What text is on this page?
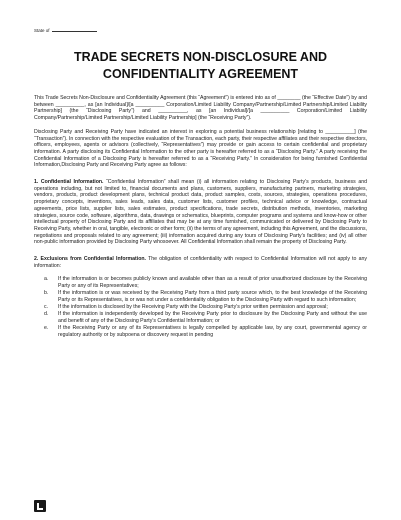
State of
TRADE SECRETS NON-DISCLOSURE AND
CONFIDENTIALITY AGREEMENT

This Trade Secrets Non-Disclosure and Confidentiality Agreement (this “Agreement”) is entered into as of ________ (the “Effective Date”) by and between __________, as [an Individual]/[a __________ Corporation/Limited Liability Company/Partnership/Limited Partnership/Limited Liability Partnership] (the “Disclosing Party”) and __________, as [an Individual]/[a __________ Corporation/Limited Liability Company/Partnership/Limited Partnership/Limited Liability Partnership] (the “Receiving Party”).

Disclosing Party and Receiving Party have indicated an interest in exploring a potential business relationship [relating to __________] (the “Transaction”). In connection with the respective evaluation of the Transaction, each party, their respective affiliates and their respective directors, officers, employees, agents or advisors (collectively, “Representatives”) may provide or gain access to certain confidential and proprietary information. A party disclosing its Confidential Information to the other party is hereafter referred to as a “Disclosing Party.” A party receiving the Confidential Information of a Disclosing Party is hereafter referred to as a “Receiving Party.” In consideration for being furnished Confidential Information,Disclosing Party and Receiving Party agree as follows:

1. Confidential Information. “Confidential Information” shall mean (i) all information relating to Disclosing Party’s products, business and operations including, but not limited to, financial documents and plans, customers, suppliers, manufacturing partners, marketing strategies, vendors, products, product development plans, technical product data, product samples, costs, sources, strategies, operations procedures, proprietary concepts, inventions, sales leads, sales data, customer lists, customer profiles, technical advice or knowledge, contractual agreements, price lists, supplier lists, sales estimates, product specifications, trade secrets, distribution methods, inventories, marketing strategies, source code, software, algorithms, data, drawings or schematics, blueprints, computer programs and systems and know-how or other intellectual property of Disclosing Party and its affiliates that may be at any time furnished, communicated or delivered by Disclosing Party to Receiving Party, whether in oral, tangible, electronic or other form; (ii) the terms of any agreement, including this Agreement, and the discussions, negotiations and proposals related to any agreement; (iii) information acquired during any tours of Disclosing Party’s facilities; and (iv) all other non-public information provided by Disclosing Party whosoever. All Confidential Information shall remain the property of Disclosing Party.

2. Exclusions from Confidential Information. The obligation of confidentiality with respect to Confidential Information will not apply to any information:

a. If the information is or becomes publicly known and available other than as a result of prior unauthorized disclosure by the Receiving Party or any of its Representatives;
b. If the information is or was received by the Receiving Party from a third party source which, to the best knowledge of the Receiving Party or its Representatives, is or was not under a confidentiality obligation to the Disclosing Party with regard to such information;
c. If the information is disclosed by the Receiving Party with the Disclosing Party’s prior written permission and approval;
d. If the information is independently developed by the Receiving Party prior to disclosure by the Disclosing Party and without the use and benefit of any of the Disclosing Party’s Confidential Information; or
e. If the Receiving Party or any of its Representatives is legally compelled by applicable law, by any court, governmental agency or regulatory authority or by subpoena or discovery request in pending
